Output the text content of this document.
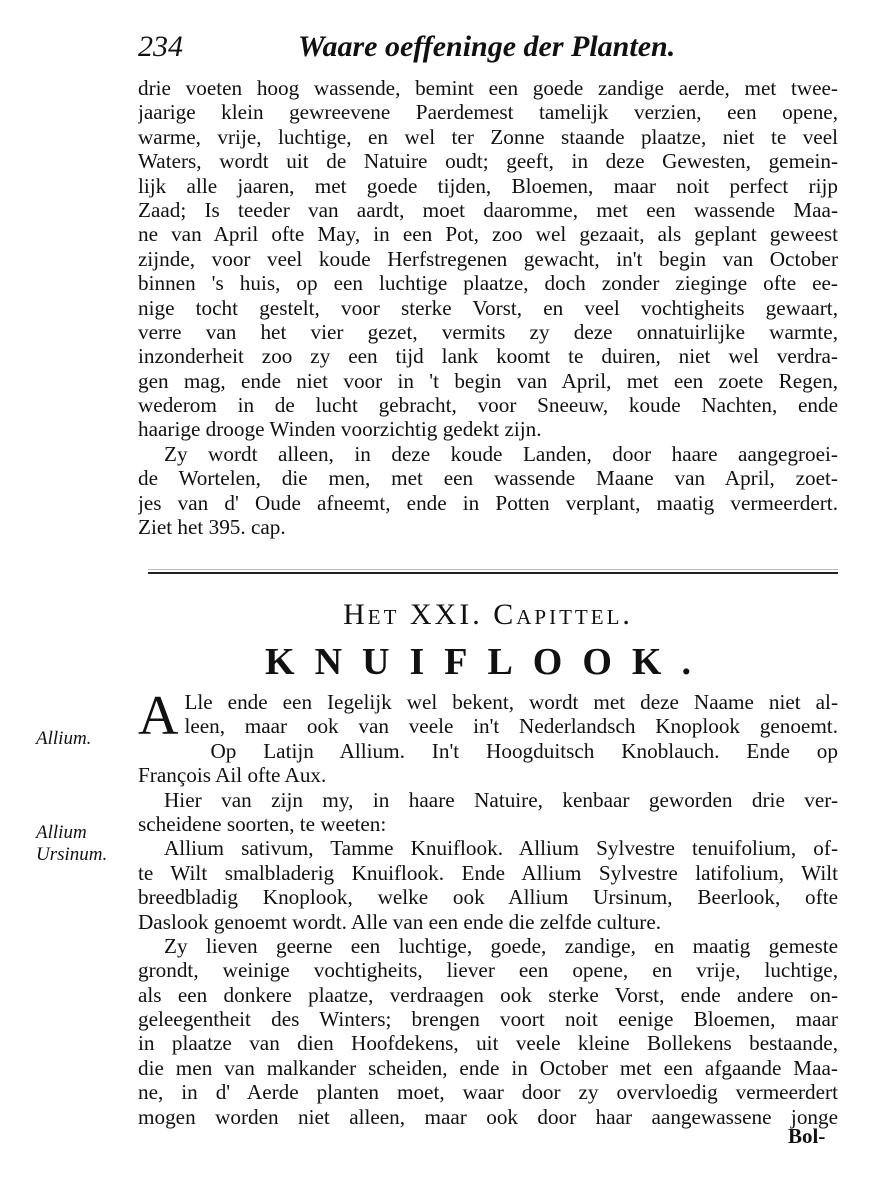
234	Waare oeffeninge der Planten.
drie voeten hoog wassende, bemint een goede zandige aerde, met twee-
jaarige klein gewreevene Paerdemest tamelijk verzien, een opene,
warme, vrije, luchtige, en wel ter Zonne staande plaatze, niet te veel
Waters, wordt uit de Natuire oudt; geeft, in deze Gewesten, gemein-
lijk alle jaaren, met goede tijden, Bloemen, maar noit perfect rijp
Zaad; Is teeder van aardt, moet daaromme, met een wassende Maa-
ne van April ofte May, in een Pot, zoo wel gezaait, als geplant geweest
zijnde, voor veel koude Herfstregenen gewacht, in't begin van October
binnen 's huis, op een luchtige plaatze, doch zonder zieginge ofte ee-
nige tocht gestelt, voor sterke Vorst, en veel vochtigheits gewaart,
verre van het vier gezet, vermits zy deze onnatuirlijke warmte,
inzonderheit zoo zy een tijd lank koomt te duiren, niet wel verdra-
gen mag, ende niet voor in 't begin van April, met een zoete Regen,
wederom in de lucht gebracht, voor Sneeuw, koude Nachten, ende
haarige drooge Winden voorzichtig gedekt zijn.
Zy wordt alleen, in deze koude Landen, door haare aangegroei-
de Wortelen, die men, met een wassende Maane van April, zoet-
jes van d' Oude afneemt, ende in Potten verplant, maatig vermeerdert.
Ziet het 395. cap.
Het XXI. Capittel.
KNUIFLOOK.
Allium.
Allium
Ursinum.
A Lle ende een Iegelijk wel bekent, wordt met deze Naame niet al-
leen, maar ook van veele in't Nederlandsch Knoplook genoemt.
Op Latijn Allium. In't Hoogduitsch Knoblauch. Ende op
François Ail ofte Aux.
Hier van zijn my, in haare Natuire, kenbaar geworden drie ver-
scheidene soorten, te weeten:
Allium sativum, Tamme Knuiflook. Allium Sylvestre tenuifolium, of-
te Wilt smalbladerig Knuiflook. Ende Allium Sylvestre latifolium, Wilt
breedbladig Knoplook, welke ook Allium Ursinum, Beerlook, ofte
Daslook genoemt wordt. Alle van een ende die zelfde culture.
Zy lieven geerne een luchtige, goede, zandige, en maatig gemeste
grondt, weinige vochtigheits, liever een opene, en vrije, luchtige,
als een donkere plaatze, verdraagen ook sterke Vorst, ende andere on-
geleegentheit des Winters; brengen voort noit eenige Bloemen, maar
in plaatze van dien Hoofdekens, uit veele kleine Bollekens bestaande,
die men van malkander scheiden, ende in October met een afgaande Maa-
ne, in d' Aerde planten moet, waar door zy overvloedig vermeerdert
mogen worden niet alleen, maar ook door haar aangewassene jonge
Bol-
